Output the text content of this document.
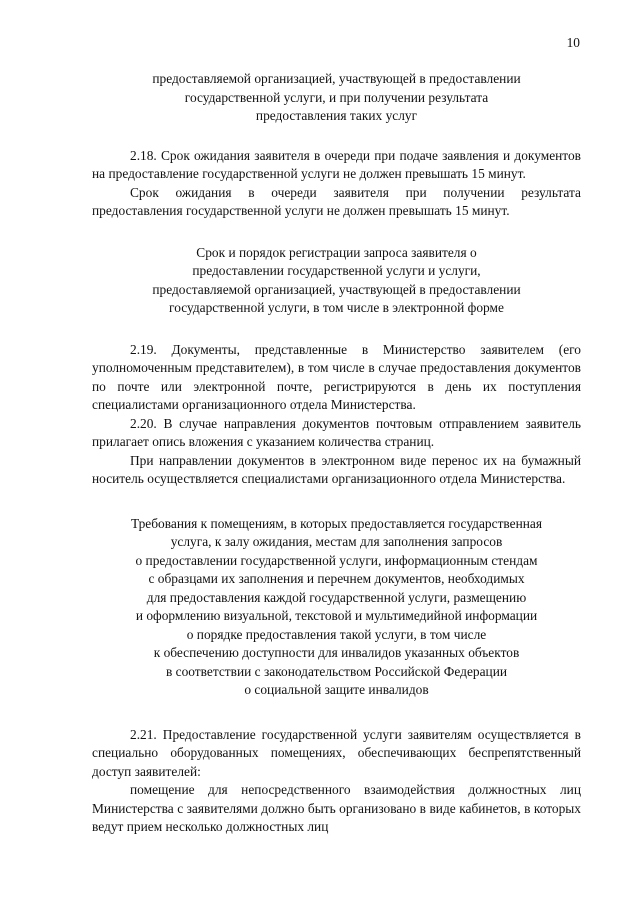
10
предоставляемой организацией, участвующей в предоставлении
государственной услуги, и при получении результата
предоставления таких услуг

2.18. Срок ожидания заявителя в очереди при подаче заявления и документов на предоставление государственной услуги не должен превышать 15 минут.

Срок ожидания в очереди заявителя при получении результата предоставления государственной услуги не должен превышать 15 минут.

Срок и порядок регистрации запроса заявителя о
предоставлении государственной услуги и услуги,
предоставляемой организацией, участвующей в предоставлении
государственной услуги, в том числе в электронной форме

2.19. Документы, представленные в Министерство заявителем (его уполномоченным представителем), в том числе в случае предоставления документов по почте или электронной почте, регистрируются в день их поступления специалистами организационного отдела Министерства.

2.20. В случае направления документов почтовым отправлением заявитель прилагает опись вложения с указанием количества страниц.

При направлении документов в электронном виде перенос их на бумажный носитель осуществляется специалистами организационного отдела Министерства.

Требования к помещениям, в которых предоставляется государственная
услуга, к залу ожидания, местам для заполнения запросов
о предоставлении государственной услуги, информационным стендам
с образцами их заполнения и перечнем документов, необходимых
для предоставления каждой государственной услуги, размещению
и оформлению визуальной, текстовой и мультимедийной информации
о порядке предоставления такой услуги, в том числе
к обеспечению доступности для инвалидов указанных объектов
в соответствии с законодательством Российской Федерации
о социальной защите инвалидов

2.21. Предоставление государственной услуги заявителям осуществляется в специально оборудованных помещениях, обеспечивающих беспрепятственный доступ заявителей:

помещение для непосредственного взаимодействия должностных лиц Министерства с заявителями должно быть организовано в виде кабинетов, в которых ведут прием несколько должностных лиц
